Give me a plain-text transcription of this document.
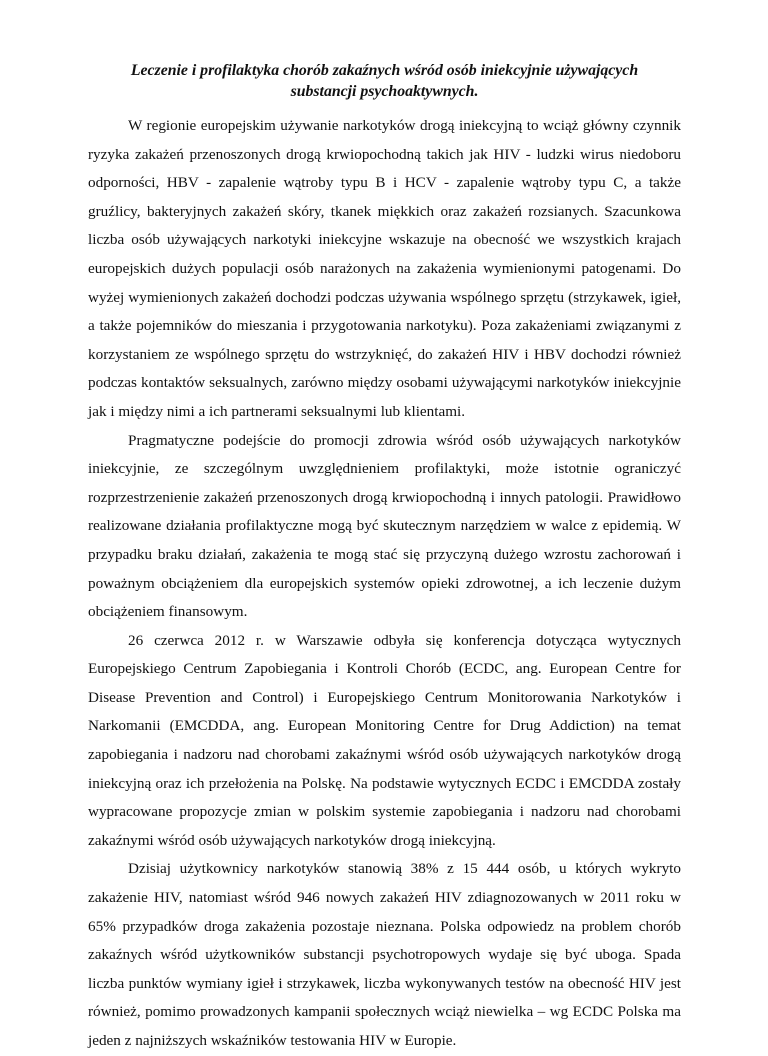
Leczenie i profilaktyka chorób zakaźnych wśród osób iniekcyjnie używających
substancji psychoaktywnych.

W regionie europejskim używanie narkotyków drogą iniekcyjną to wciąż główny czynnik ryzyka zakażeń przenoszonych drogą krwiopochodną takich jak HIV - ludzki wirus niedoboru odporności, HBV - zapalenie wątroby typu B i HCV - zapalenie wątroby typu C, a także gruźlicy, bakteryjnych zakażeń skóry, tkanek miękkich oraz zakażeń rozsianych. Szacunkowa liczba osób używających narkotyki iniekcyjne wskazuje na obecność we wszystkich krajach europejskich dużych populacji osób narażonych na zakażenia wymienionymi patogenami. Do wyżej wymienionych zakażeń dochodzi podczas używania wspólnego sprzętu (strzykawek, igieł, a także pojemników do mieszania i przygotowania narkotyku). Poza zakażeniami związanymi z korzystaniem ze wspólnego sprzętu do wstrzyknięć, do zakażeń HIV i HBV dochodzi również podczas kontaktów seksualnych, zarówno między osobami używającymi narkotyków iniekcyjnie jak i między nimi a ich partnerami seksualnymi lub klientami.

Pragmatyczne podejście do promocji zdrowia wśród osób używających narkotyków iniekcyjnie, ze szczególnym uwzględnieniem profilaktyki, może istotnie ograniczyć rozprzestrzenienie zakażeń przenoszonych drogą krwiopochodną i innych patologii. Prawidłowo realizowane działania profilaktyczne mogą być skutecznym narzędziem w walce z epidemią. W przypadku braku działań, zakażenia te mogą stać się przyczyną dużego wzrostu zachorowań i poważnym obciążeniem dla europejskich systemów opieki zdrowotnej, a ich leczenie dużym obciążeniem finansowym.

26 czerwca 2012 r. w Warszawie odbyła się konferencja dotycząca wytycznych Europejskiego Centrum Zapobiegania i Kontroli Chorób (ECDC, ang. European Centre for Disease Prevention and Control) i Europejskiego Centrum Monitorowania Narkotyków i Narkomanii (EMCDDA, ang. European Monitoring Centre for Drug Addiction) na temat zapobiegania i nadzoru nad chorobami zakaźnymi wśród osób używających narkotyków drogą iniekcyjną oraz ich przełożenia na Polskę. Na podstawie wytycznych ECDC i EMCDDA zostały wypracowane propozycje zmian w polskim systemie zapobiegania i nadzoru nad chorobami zakaźnymi wśród osób używających narkotyków drogą iniekcyjną.

Dzisiaj użytkownicy narkotyków stanowią 38% z 15 444 osób, u których wykryto zakażenie HIV, natomiast wśród 946 nowych zakażeń HIV zdiagnozowanych w 2011 roku w 65% przypadków droga zakażenia pozostaje nieznana. Polska odpowiedz na problem chorób zakaźnych wśród użytkowników substancji psychotropowych wydaje się być uboga. Spada liczba punktów wymiany igieł i strzykawek, liczba wykonywanych testów na obecność HIV jest również, pomimo prowadzonych kampanii społecznych wciąż niewielka – wg ECDC Polska ma jeden z najniższych wskaźników testowania HIV w Europie.
